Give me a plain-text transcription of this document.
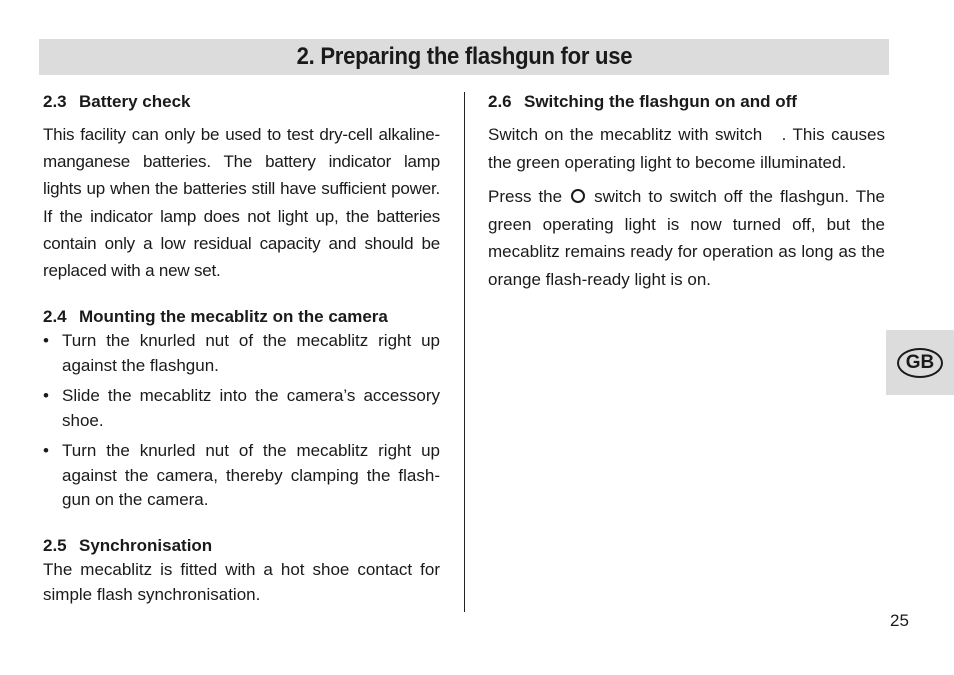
2. Preparing the flashgun for use
2.3 Battery check

This facility can only be used to test dry-cell alkaline-manganese batteries. The battery indicator lamp lights up when the batteries still have sufficient power. If the indicator lamp does not light up, the batteries contain only a low residual capacity and should be replaced with a new set.

2.4 Mounting the mecablitz on the camera
• Turn the knurled nut of the mecablitz right up against the flashgun.
• Slide the mecablitz into the camera’s accessory shoe.
• Turn the knurled nut of the mecablitz right up against the camera, thereby clamping the flash-gun on the camera.
2.5 Synchronisation

The mecablitz is fitted with a hot shoe contact for simple flash synchronisation.

2.6 Switching the flashgun on and off

Switch on the mecablitz with switch   . This causes the green operating light to become illuminated.

Press the switch to switch off the flashgun. The green operating light is now turned off, but the mecablitz remains ready for operation as long as the orange flash-ready light is on.

GB
25
